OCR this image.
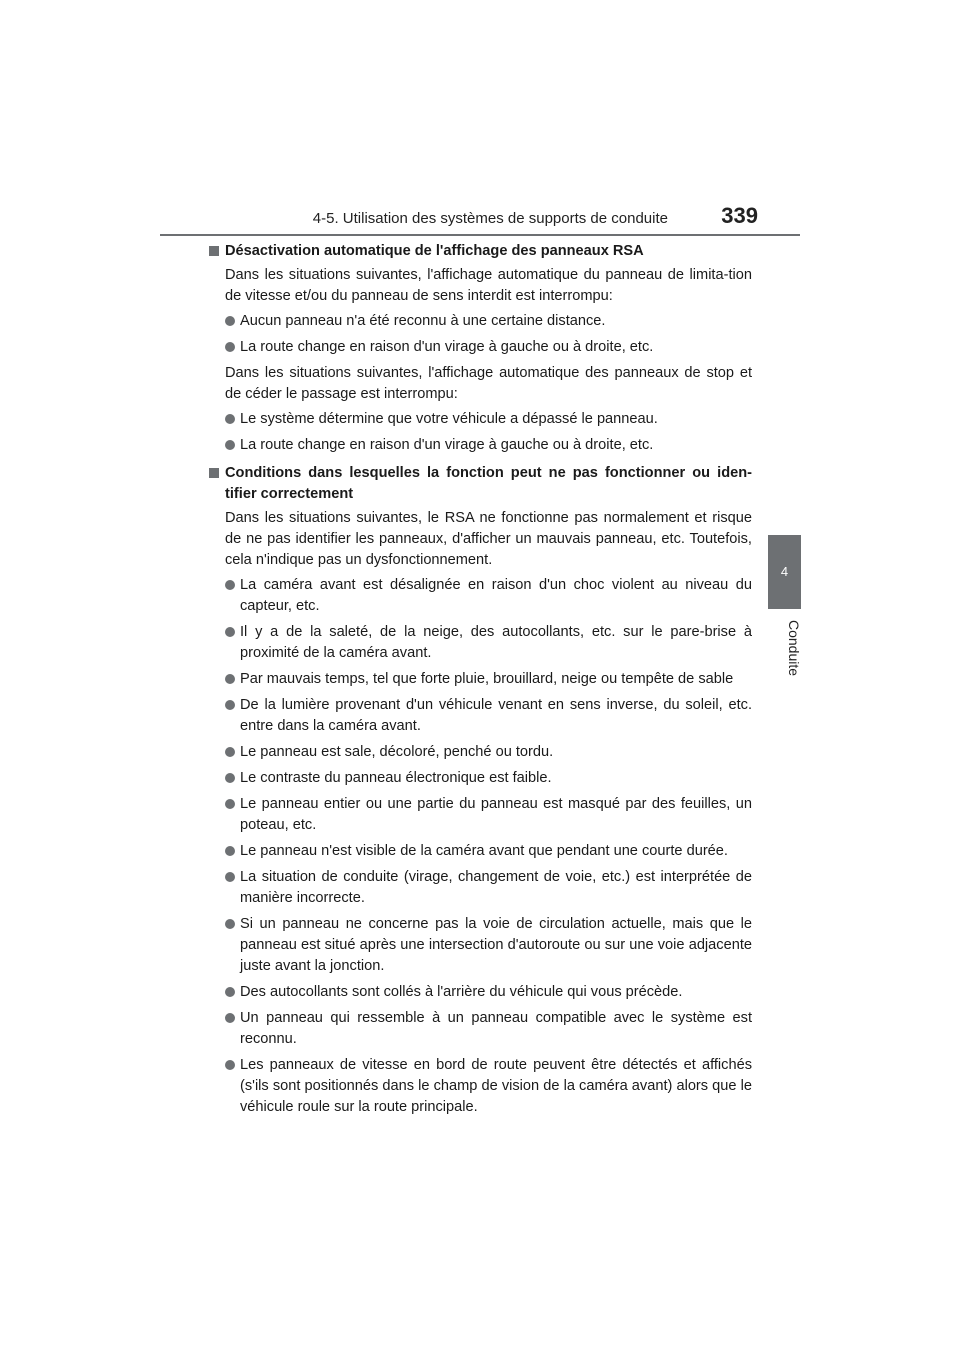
4-5. Utilisation des systèmes de supports de conduite 339
4
Conduite
Désactivation automatique de l'affichage des panneaux RSA
Dans les situations suivantes, l'affichage automatique du panneau de limita-tion de vitesse et/ou du panneau de sens interdit est interrompu:
Aucun panneau n'a été reconnu à une certaine distance.
La route change en raison d'un virage à gauche ou à droite, etc.
Dans les situations suivantes, l'affichage automatique des panneaux de stop et de céder le passage est interrompu:
Le système détermine que votre véhicule a dépassé le panneau.
La route change en raison d'un virage à gauche ou à droite, etc.
Conditions dans lesquelles la fonction peut ne pas fonctionner ou iden-tifier correctement
Dans les situations suivantes, le RSA ne fonctionne pas normalement et risque de ne pas identifier les panneaux, d'afficher un mauvais panneau, etc. Toutefois, cela n'indique pas un dysfonctionnement.
La caméra avant est désalignée en raison d'un choc violent au niveau du capteur, etc.
Il y a de la saleté, de la neige, des autocollants, etc. sur le pare-brise à proximité de la caméra avant.
Par mauvais temps, tel que forte pluie, brouillard, neige ou tempête de sable
De la lumière provenant d'un véhicule venant en sens inverse, du soleil, etc. entre dans la caméra avant.
Le panneau est sale, décoloré, penché ou tordu.
Le contraste du panneau électronique est faible.
Le panneau entier ou une partie du panneau est masqué par des feuilles, un poteau, etc.
Le panneau n'est visible de la caméra avant que pendant une courte durée.
La situation de conduite (virage, changement de voie, etc.) est interprétée de manière incorrecte.
Si un panneau ne concerne pas la voie de circulation actuelle, mais que le panneau est situé après une intersection d'autoroute ou sur une voie adjacente juste avant la jonction.
Des autocollants sont collés à l'arrière du véhicule qui vous précède.
Un panneau qui ressemble à un panneau compatible avec le système est reconnu.
Les panneaux de vitesse en bord de route peuvent être détectés et affichés (s'ils sont positionnés dans le champ de vision de la caméra avant) alors que le véhicule roule sur la route principale.
